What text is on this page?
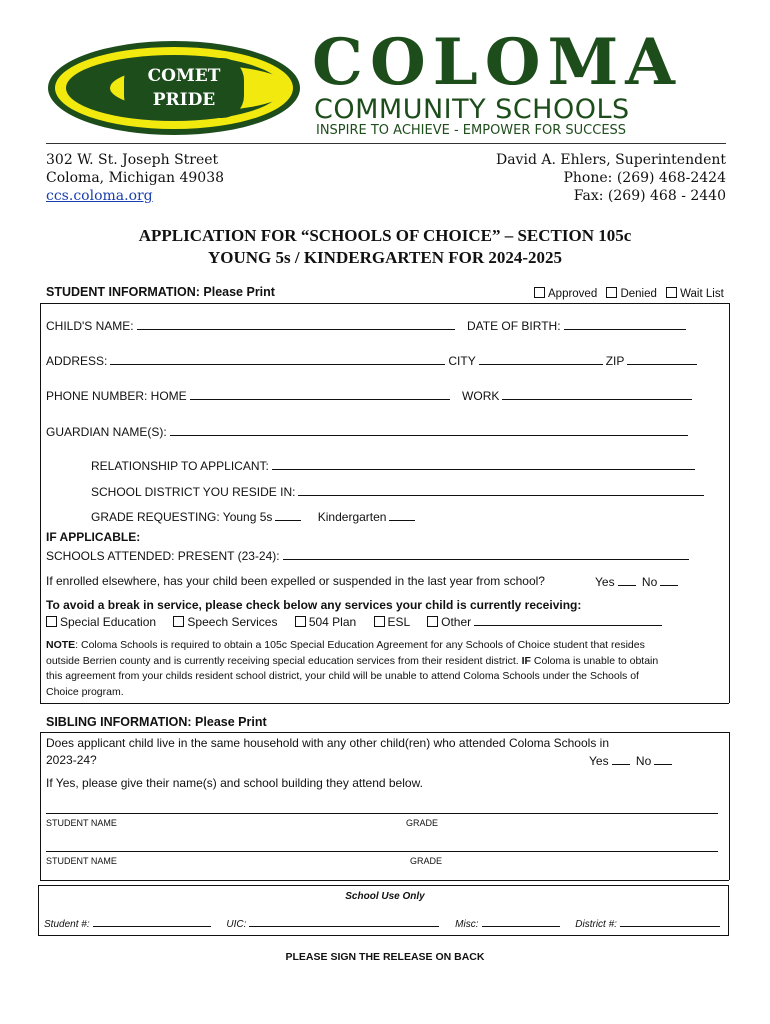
COMET
PRIDE	COLOMA
COMMUNITY SCHOOLS
INSPIRE TO ACHIEVE - EMPOWER FOR SUCCESS
302 W. St. Joseph Street
Coloma, Michigan 49038
ccs.coloma.org
David A. Ehlers, Superintendent
Phone: (269) 468-2424
Fax: (269) 468 - 2440
APPLICATION FOR “SCHOOLS OF CHOICE” – SECTION 105c
YOUNG 5s / KINDERGARTEN FOR 2024-2025
STUDENT INFORMATION: Please Print	Approved Denied Wait List
CHILD'S NAME:	DATE OF BIRTH:
ADDRESS:	CITY	ZIP
PHONE NUMBER: HOME	WORK
GUARDIAN NAME(S):
RELATIONSHIP TO APPLICANT:
SCHOOL DISTRICT YOU RESIDE IN:
GRADE REQUESTING: Young 5s	Kindergarten
IF APPLICABLE:
SCHOOLS ATTENDED: PRESENT (23-24):
If enrolled elsewhere, has your child been expelled or suspended in the last year from school?	Yes No
To avoid a break in service, please check below any services your child is currently receiving:
Special Education	Speech Services	504 Plan	ESL	Other
NOTE: Coloma Schools is required to obtain a 105c Special Education Agreement for any Schools of Choice student that resides
outside Berrien county and is currently receiving special education services from their resident district. IF Coloma is unable to obtain
this agreement from your childs resident school district, your child will be unable to attend Coloma Schools under the Schools of
Choice program.
SIBLING INFORMATION: Please Print
Does applicant child live in the same household with any other child(ren) who attended Coloma Schools in
2023-24?	Yes No
If Yes, please give their name(s) and school building they attend below.
STUDENT NAME	GRADE
STUDENT NAME	GRADE
School Use Only
Student #:	UIC:	Misc:	District #:
PLEASE SIGN THE RELEASE ON BACK
